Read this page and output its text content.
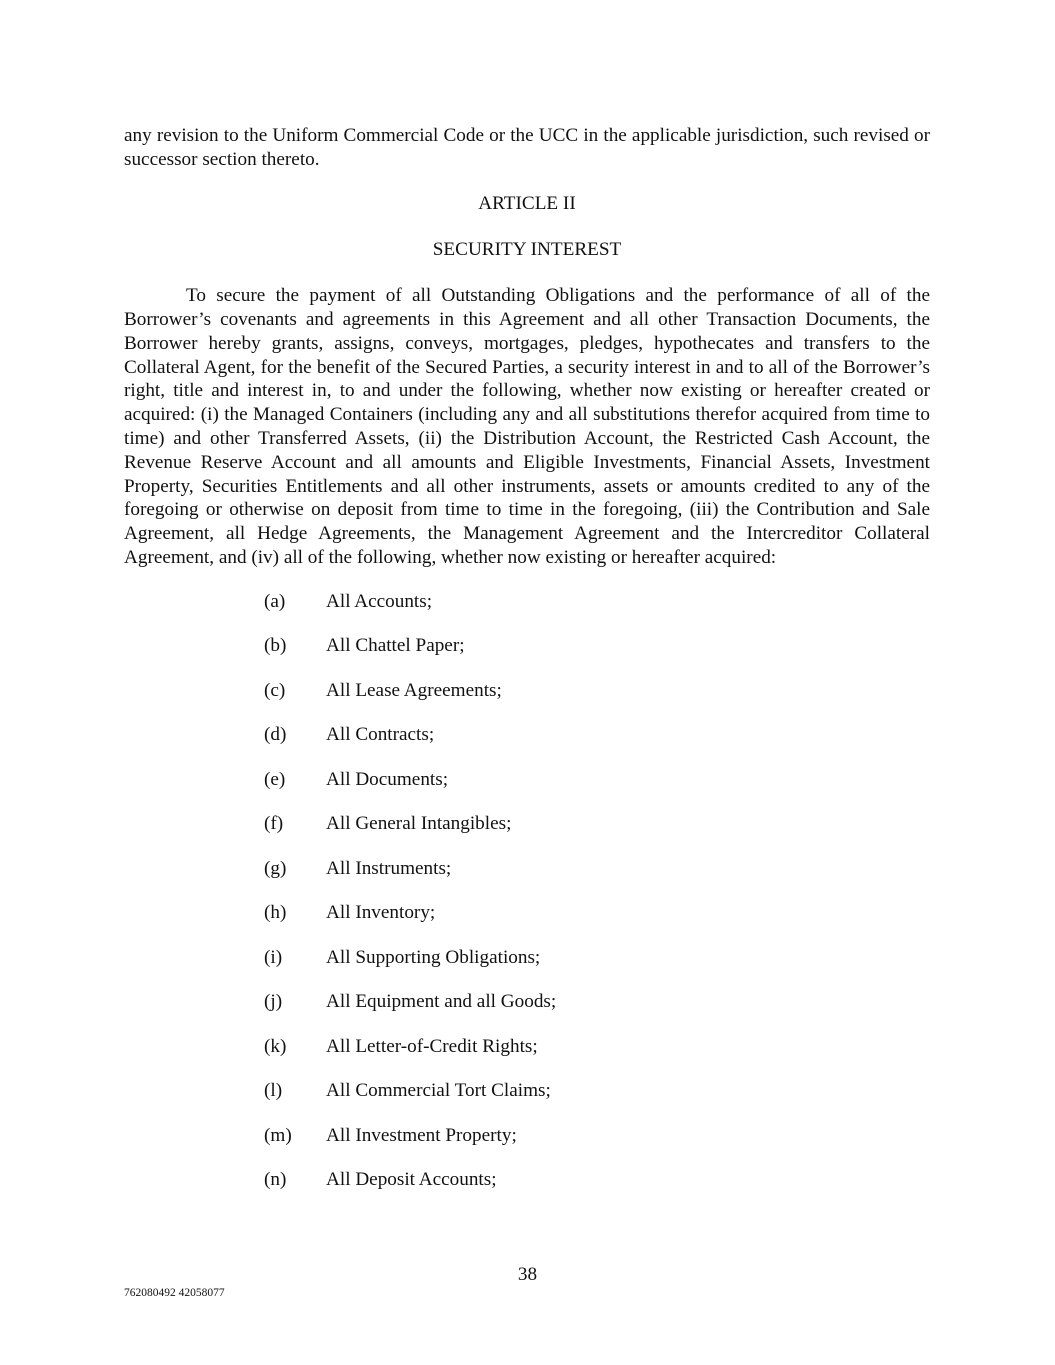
any revision to the Uniform Commercial Code or the UCC in the applicable jurisdiction, such revised or successor section thereto.

ARTICLE II

SECURITY INTEREST

To secure the payment of all Outstanding Obligations and the performance of all of the Borrower’s covenants and agreements in this Agreement and all other Transaction Documents, the Borrower hereby grants, assigns, conveys, mortgages, pledges, hypothecates and transfers to the Collateral Agent, for the benefit of the Secured Parties, a security interest in and to all of the Borrower’s right, title and interest in, to and under the following, whether now existing or hereafter created or acquired: (i) the Managed Containers (including any and all substitutions therefor acquired from time to time) and other Transferred Assets, (ii) the Distribution Account, the Restricted Cash Account, the Revenue Reserve Account and all amounts and Eligible Investments, Financial Assets, Investment Property, Securities Entitlements and all other instruments, assets or amounts credited to any of the foregoing or otherwise on deposit from time to time in the foregoing, (iii) the Contribution and Sale Agreement, all Hedge Agreements, the Management Agreement and the Intercreditor Collateral Agreement, and (iv) all of the following, whether now existing or hereafter acquired:

(a) All Accounts;
(b) All Chattel Paper;
(c) All Lease Agreements;
(d) All Contracts;
(e) All Documents;
(f) All General Intangibles;
(g) All Instruments;
(h) All Inventory;
(i) All Supporting Obligations;
(j) All Equipment and all Goods;
(k) All Letter-of-Credit Rights;
(l) All Commercial Tort Claims;
(m) All Investment Property;
(n) All Deposit Accounts;
38
762080492 42058077
